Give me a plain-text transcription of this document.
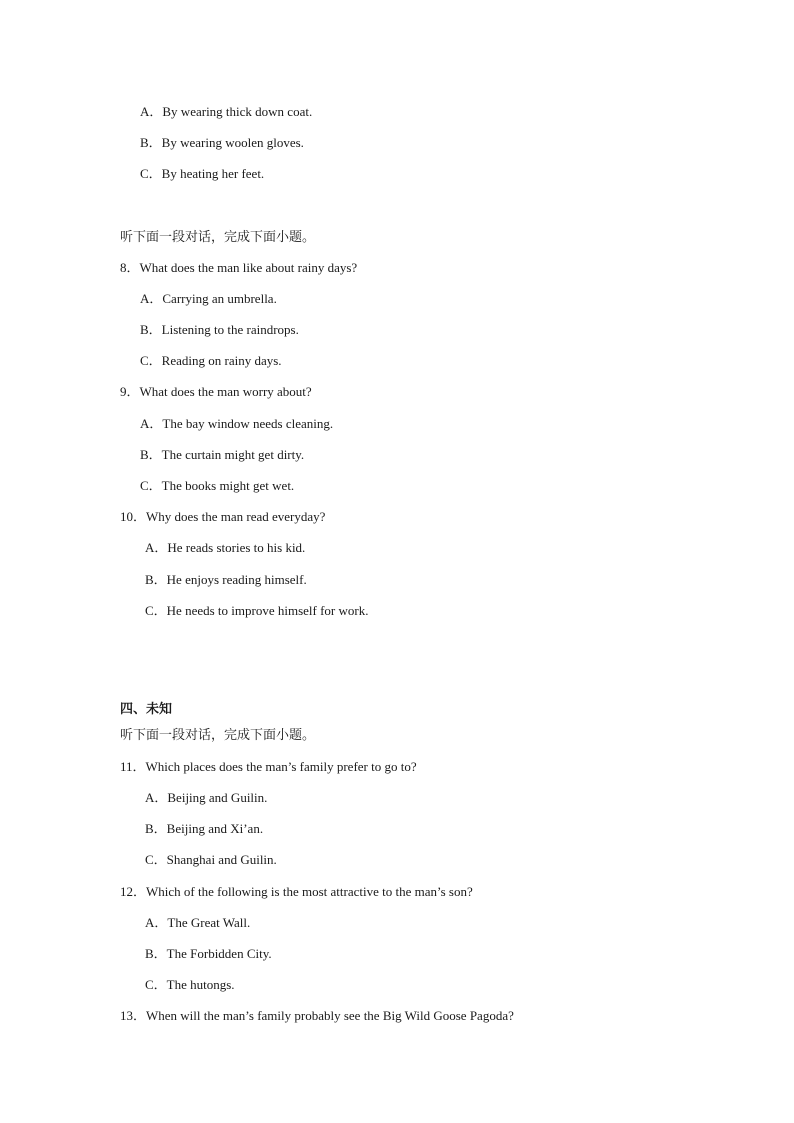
A．By wearing thick down coat.
B．By wearing woolen gloves.
C．By heating her feet.
听下面一段对话，完成下面小题。
8．What does the man like about rainy days?
A．Carrying an umbrella.
B．Listening to the raindrops.
C．Reading on rainy days.
9．What does the man worry about?
A．The bay window needs cleaning.
B．The curtain might get dirty.
C．The books might get wet.
10．Why does the man read everyday?
A．He reads stories to his kid.
B．He enjoys reading himself.
C．He needs to improve himself for work.
四、未知
听下面一段对话，完成下面小题。
11．Which places does the man’s family prefer to go to?
A．Beijing and Guilin.
B．Beijing and Xi’an.
C．Shanghai and Guilin.
12．Which of the following is the most attractive to the man’s son?
A．The Great Wall.
B．The Forbidden City.
C．The hutongs.
13．When will the man’s family probably see the Big Wild Goose Pagoda?
